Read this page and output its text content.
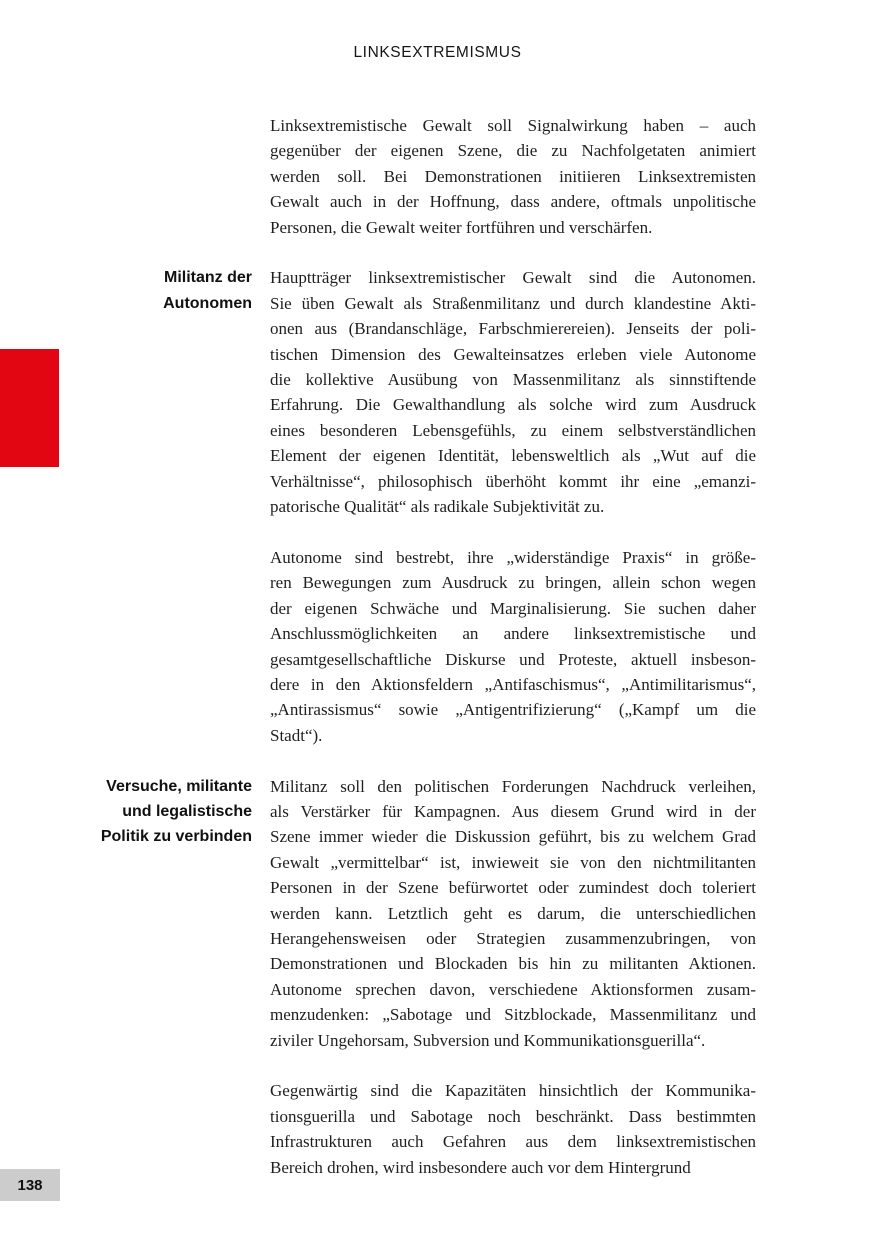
LINKSEXTREMISMUS
Linksextremistische Gewalt soll Signalwirkung haben – auch
gegenüber der eigenen Szene, die zu Nachfolgetaten animiert
werden soll. Bei Demonstrationen initiieren Linksextremisten
Gewalt auch in der Hoffnung, dass andere, oftmals unpolitische
Personen, die Gewalt weiter fortführen und verschärfen.
Militanz der
Autonomen
Hauptträger linksextremistischer Gewalt sind die Autonomen.
Sie üben Gewalt als Straßenmilitanz und durch klandestine Akti-
onen aus (Brandanschläge, Farbschmierereien). Jenseits der poli-
tischen Dimension des Gewalteinsatzes erleben viele Autonome
die kollektive Ausübung von Massenmilitanz als sinnstiftende
Erfahrung. Die Gewalthandlung als solche wird zum Ausdruck
eines besonderen Lebensgefühls, zu einem selbstverständlichen
Element der eigenen Identität, lebensweltlich als „Wut auf die
Verhältnisse“, philosophisch überhöht kommt ihr eine „emanzi-
patorische Qualität“ als radikale Subjektivität zu.
Autonome sind bestrebt, ihre „widerständige Praxis“ in größe-
ren Bewegungen zum Ausdruck zu bringen, allein schon wegen
der eigenen Schwäche und Marginalisierung. Sie suchen daher
Anschlussmöglichkeiten an andere linksextremistische und
gesamtgesellschaftliche Diskurse und Proteste, aktuell insbeson-
dere in den Aktionsfeldern „Antifaschismus“, „Antimilitarismus“,
„Antirassismus“ sowie „Antigentrifizierung“ („Kampf um die
Stadt“).
Versuche, militante
und legalistische
Politik zu verbinden
Militanz soll den politischen Forderungen Nachdruck verleihen,
als Verstärker für Kampagnen. Aus diesem Grund wird in der
Szene immer wieder die Diskussion geführt, bis zu welchem Grad
Gewalt „vermittelbar“ ist, inwieweit sie von den nichtmilitanten
Personen in der Szene befürwortet oder zumindest doch toleriert
werden kann. Letztlich geht es darum, die unterschiedlichen
Herangehensweisen oder Strategien zusammenzubringen, von
Demonstrationen und Blockaden bis hin zu militanten Aktionen.
Autonome sprechen davon, verschiedene Aktionsformen zusam-
menzudenken: „Sabotage und Sitzblockade, Massenmilitanz und
ziviler Ungehorsam, Subversion und Kommunikationsguerilla“.
Gegenwärtig sind die Kapazitäten hinsichtlich der Kommunika-
tionsguerilla und Sabotage noch beschränkt. Dass bestimmten
Infrastrukturen auch Gefahren aus dem linksextremistischen
Bereich drohen, wird insbesondere auch vor dem Hintergrund
138
